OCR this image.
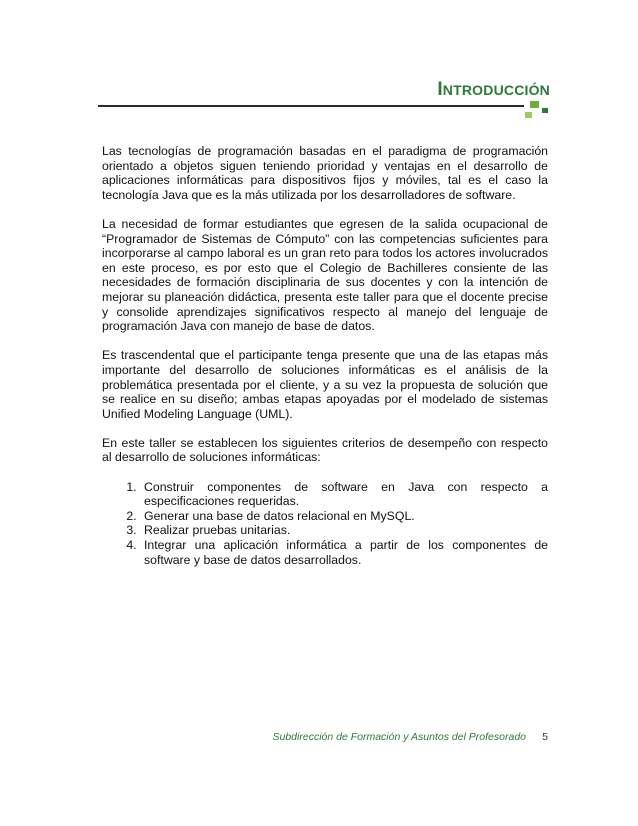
INTRODUCCIÓN

Las tecnologías de programación basadas en el paradigma de programación orientado a objetos siguen teniendo prioridad y ventajas en el desarrollo de aplicaciones informáticas para dispositivos fijos y móviles, tal es el caso la tecnología Java que es la más utilizada por los desarrolladores de software.

La necesidad de formar estudiantes que egresen de la salida ocupacional de “Programador de Sistemas de Cómputo” con las competencias suficientes para incorporarse al campo laboral es un gran reto para todos los actores involucrados en este proceso, es por esto que el Colegio de Bachilleres consiente de las necesidades de formación disciplinaria de sus docentes y con la intención de mejorar su planeación didáctica, presenta este taller para que el docente precise y consolide aprendizajes significativos respecto al manejo del lenguaje de programación Java con manejo de base de datos.

Es trascendental que el participante tenga presente que una de las etapas más importante del desarrollo de soluciones informáticas es el análisis de la problemática presentada por el cliente, y a su vez la propuesta de solución que se realice en su diseño; ambas etapas apoyadas por el modelado de sistemas Unified Modeling Language (UML).

En este taller se establecen los siguientes criterios de desempeño con respecto al desarrollo de soluciones informáticas:

1. Construir componentes de software en Java con respecto a especificaciones requeridas.
2. Generar una base de datos relacional en MySQL.
3. Realizar pruebas unitarias.
4. Integrar una aplicación informática a partir de los componentes de software y base de datos desarrollados.
Subdirección de Formación y Asuntos del Profesorado 5
